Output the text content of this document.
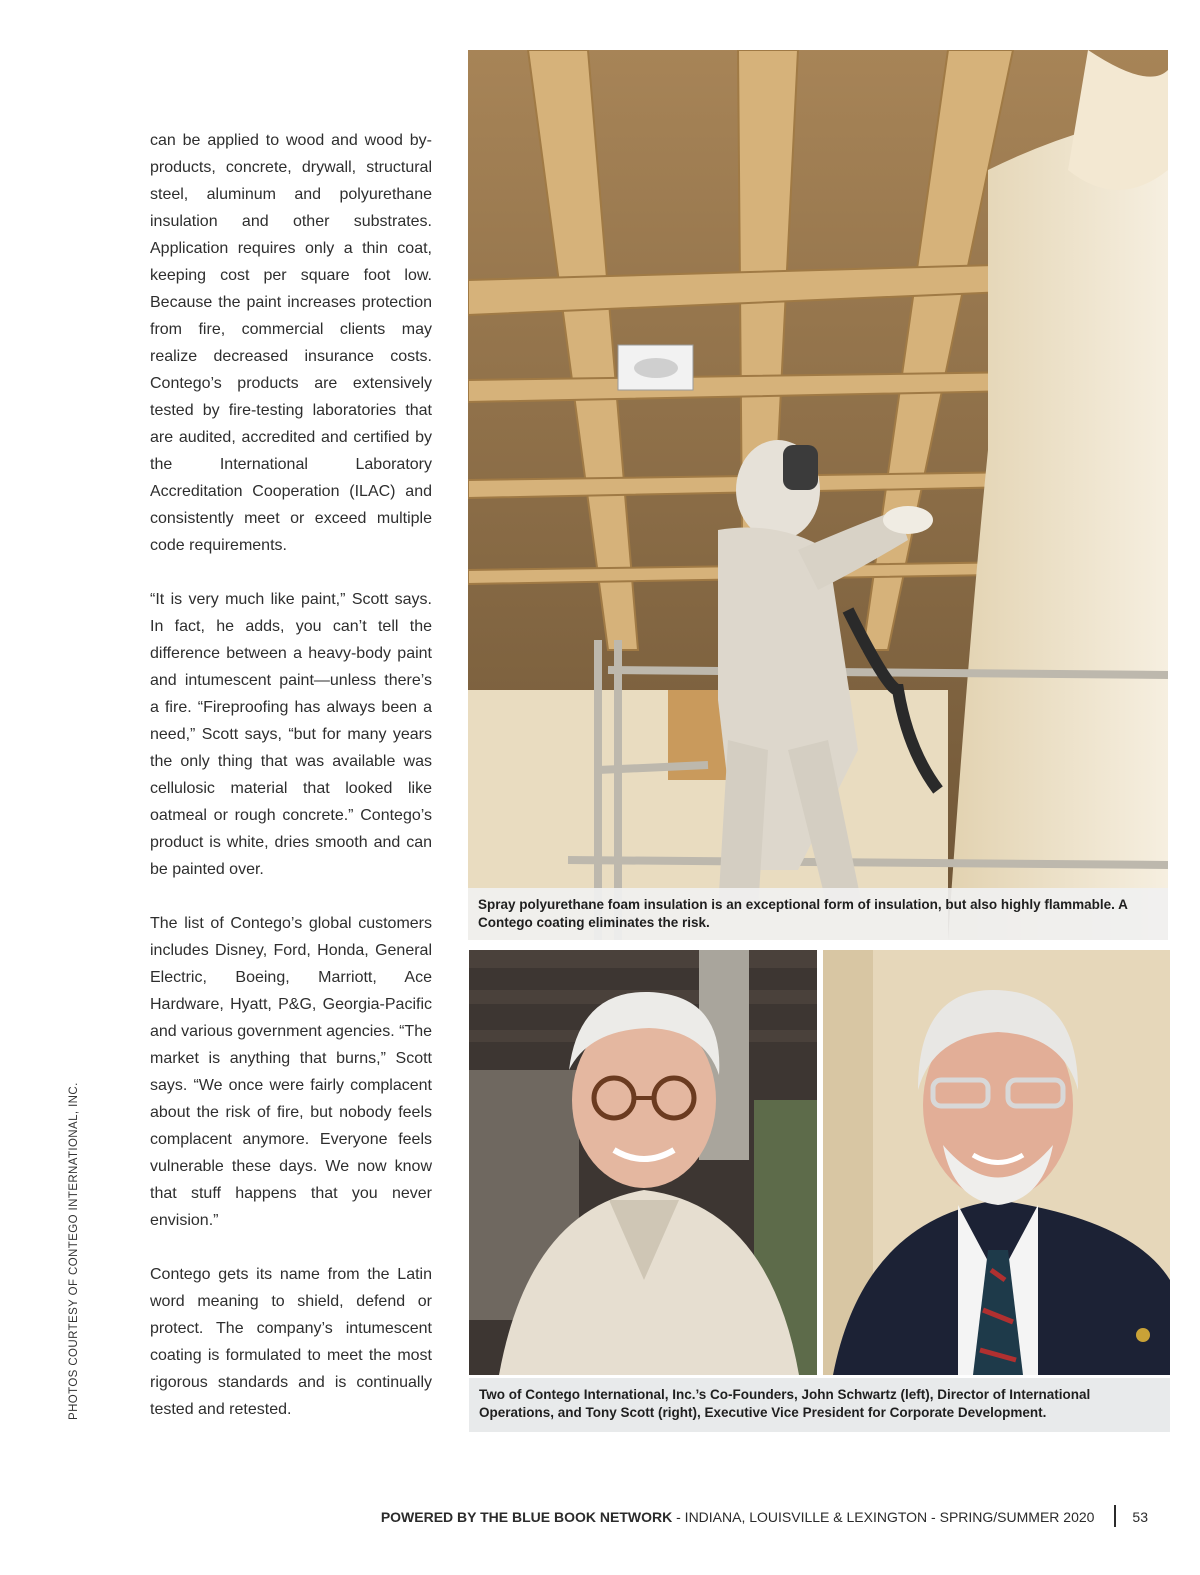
PHOTOS COURTESY OF CONTEGO INTERNATIONAL, INC.

can be applied to wood and wood by-products, concrete, drywall, structural steel, aluminum and polyurethane insulation and other substrates. Application requires only a thin coat, keeping cost per square foot low. Because the paint increases protection from fire, commercial clients may realize decreased insurance costs. Contego’s products are extensively tested by fire-testing laboratories that are audited, accredited and certified by the International Laboratory Accreditation Cooperation (ILAC) and consistently meet or exceed multiple code requirements.

“It is very much like paint,” Scott says. In fact, he adds, you can’t tell the difference between a heavy-body paint and intumescent paint—unless there’s a fire. “Fireproofing has always been a need,” Scott says, “but for many years the only thing that was available was cellulosic material that looked like oatmeal or rough concrete.” Contego’s product is white, dries smooth and can be painted over.

The list of Contego’s global customers includes Disney, Ford, Honda, General Electric, Boeing, Marriott, Ace Hardware, Hyatt, P&G, Georgia-Pacific and various government agencies. “The market is anything that burns,” Scott says. “We once were fairly complacent about the risk of fire, but nobody feels complacent anymore. Everyone feels vulnerable these days. We now know that stuff happens that you never envision.”

Contego gets its name from the Latin word meaning to shield, defend or protect. The company’s intumescent coating is formulated to meet the most rigorous standards and is continually tested and retested.

Spray polyurethane foam insulation is an exceptional form of insulation, but also highly flammable. A Contego coating eliminates the risk.
Two of Contego International, Inc.’s Co-Founders, John Schwartz (left), Director of International Operations, and Tony Scott (right), Executive Vice President for Corporate Development.
POWERED BY THE BLUE BOOK NETWORK - INDIANA, LOUISVILLE & LEXINGTON - SPRING/SUMMER 2020	53
